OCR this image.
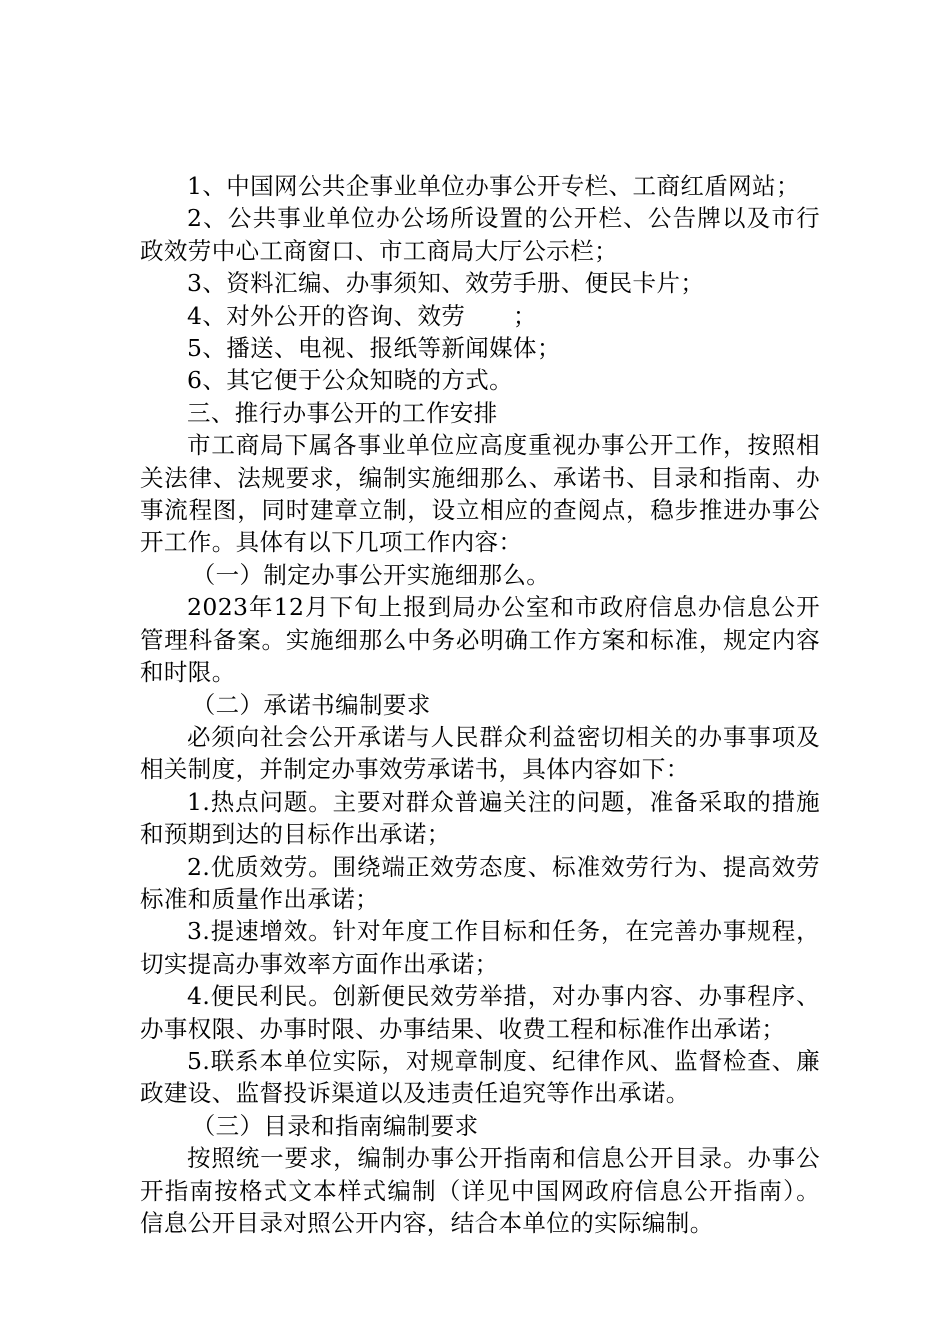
1、中国网公共企事业单位办事公开专栏、工商红盾网站；

2、公共事业单位办公场所设置的公开栏、公告牌以及市行政效劳中心工商窗口、市工商局大厅公示栏；

3、资料汇编、办事须知、效劳手册、便民卡片；

4、对外公开的咨询、效劳　　；

5、播送、电视、报纸等新闻媒体；

6、其它便于公众知晓的方式。

三、推行办事公开的工作安排

市工商局下属各事业单位应高度重视办事公开工作，按照相关法律、法规要求，编制实施细那么、承诺书、目录和指南、办事流程图，同时建章立制，设立相应的查阅点，稳步推进办事公开工作。具体有以下几项工作内容：

（一）制定办事公开实施细那么。

2023年12月下旬上报到局办公室和市政府信息办信息公开管理科备案。实施细那么中务必明确工作方案和标准，规定内容和时限。

（二）承诺书编制要求

必须向社会公开承诺与人民群众利益密切相关的办事事项及相关制度，并制定办事效劳承诺书，具体内容如下：

1.热点问题。主要对群众普遍关注的问题，准备采取的措施和预期到达的目标作出承诺；

2.优质效劳。围绕端正效劳态度、标准效劳行为、提高效劳标准和质量作出承诺；

3.提速增效。针对年度工作目标和任务，在完善办事规程，切实提高办事效率方面作出承诺；

4.便民利民。创新便民效劳举措，对办事内容、办事程序、办事权限、办事时限、办事结果、收费工程和标准作出承诺；

5.联系本单位实际，对规章制度、纪律作风、监督检查、廉政建设、监督投诉渠道以及违责任追究等作出承诺。

（三）目录和指南编制要求

按照统一要求，编制办事公开指南和信息公开目录。办事公开指南按格式文本样式编制（详见中国网政府信息公开指南）。信息公开目录对照公开内容，结合本单位的实际编制。
